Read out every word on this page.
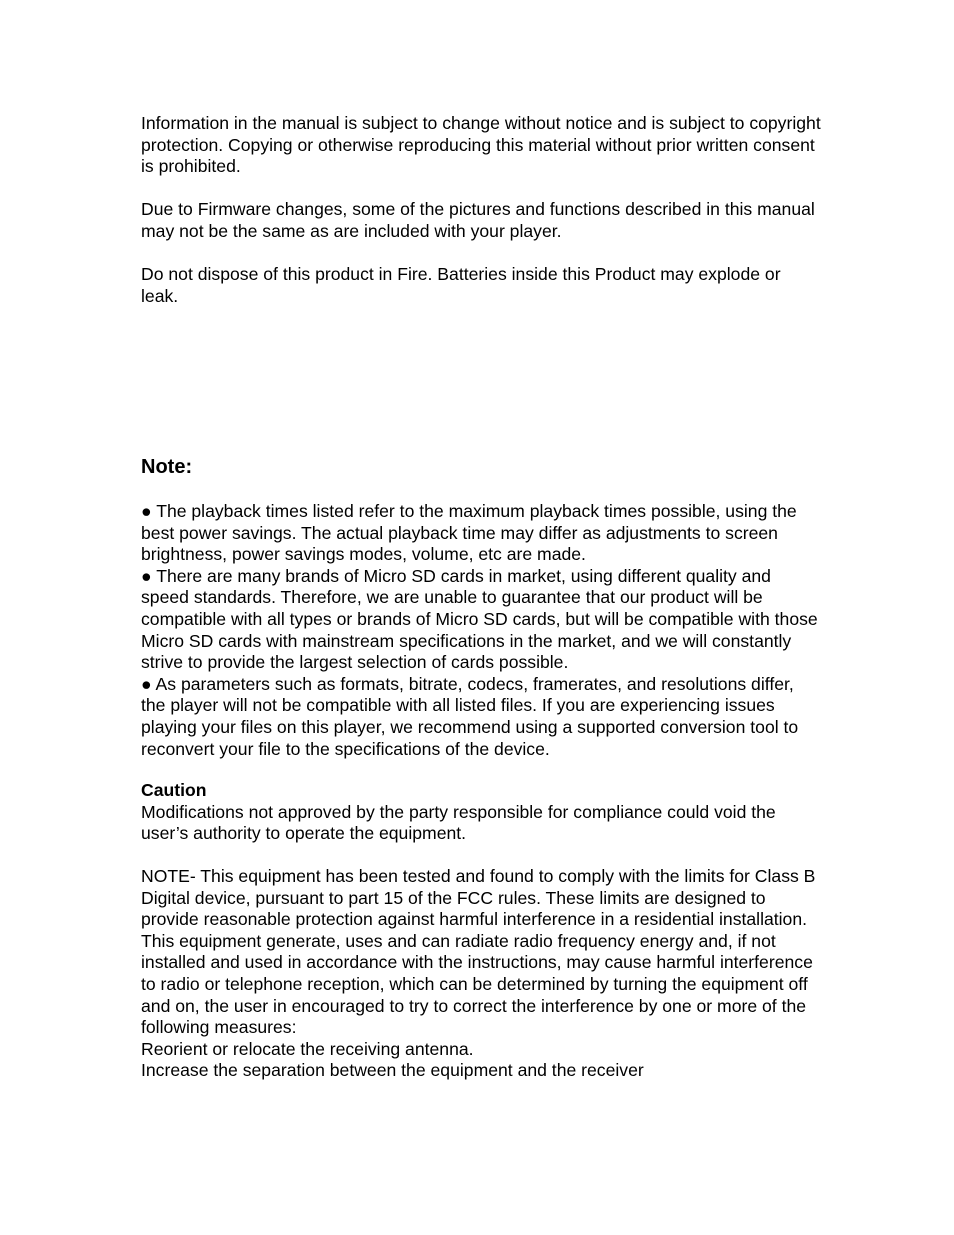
Information in the manual is subject to change without notice and is subject to copyright protection. Copying or otherwise reproducing this material without prior written consent is prohibited.

Due to Firmware changes, some of the pictures and functions described in this manual may not be the same as are included with your player.

Do not dispose of this product in Fire. Batteries inside this Product may explode or leak.

Note:

● The playback times listed refer to the maximum playback times possible, using the best power savings. The actual playback time may differ as adjustments to screen brightness, power savings modes, volume, etc are made.

● There are many brands of Micro SD cards in market, using different quality and speed standards. Therefore, we are unable to guarantee that our product will be compatible with all types or brands of Micro SD cards, but will be compatible with those Micro SD cards with mainstream specifications in the market, and we will constantly strive to provide the largest selection of cards possible.

● As parameters such as formats, bitrate, codecs, framerates, and resolutions differ, the player will not be compatible with all listed files. If you are experiencing issues playing your files on this player, we recommend using a supported conversion tool to reconvert your file to the specifications of the device.

Caution

Modifications not approved by the party responsible for compliance could void the user’s authority to operate the equipment.

NOTE- This equipment has been tested and found to comply with the limits for Class B Digital device, pursuant to part 15 of the FCC rules. These limits are designed to provide reasonable protection against harmful interference in a residential installation. This equipment generate, uses and can radiate radio frequency energy and, if not installed and used in accordance with the instructions, may cause harmful interference to radio or telephone reception, which can be determined by turning the equipment off and on, the user in encouraged to try to correct the interference by one or more of the following measures:

Reorient or relocate the receiving antenna.

Increase the separation between the equipment and the receiver
